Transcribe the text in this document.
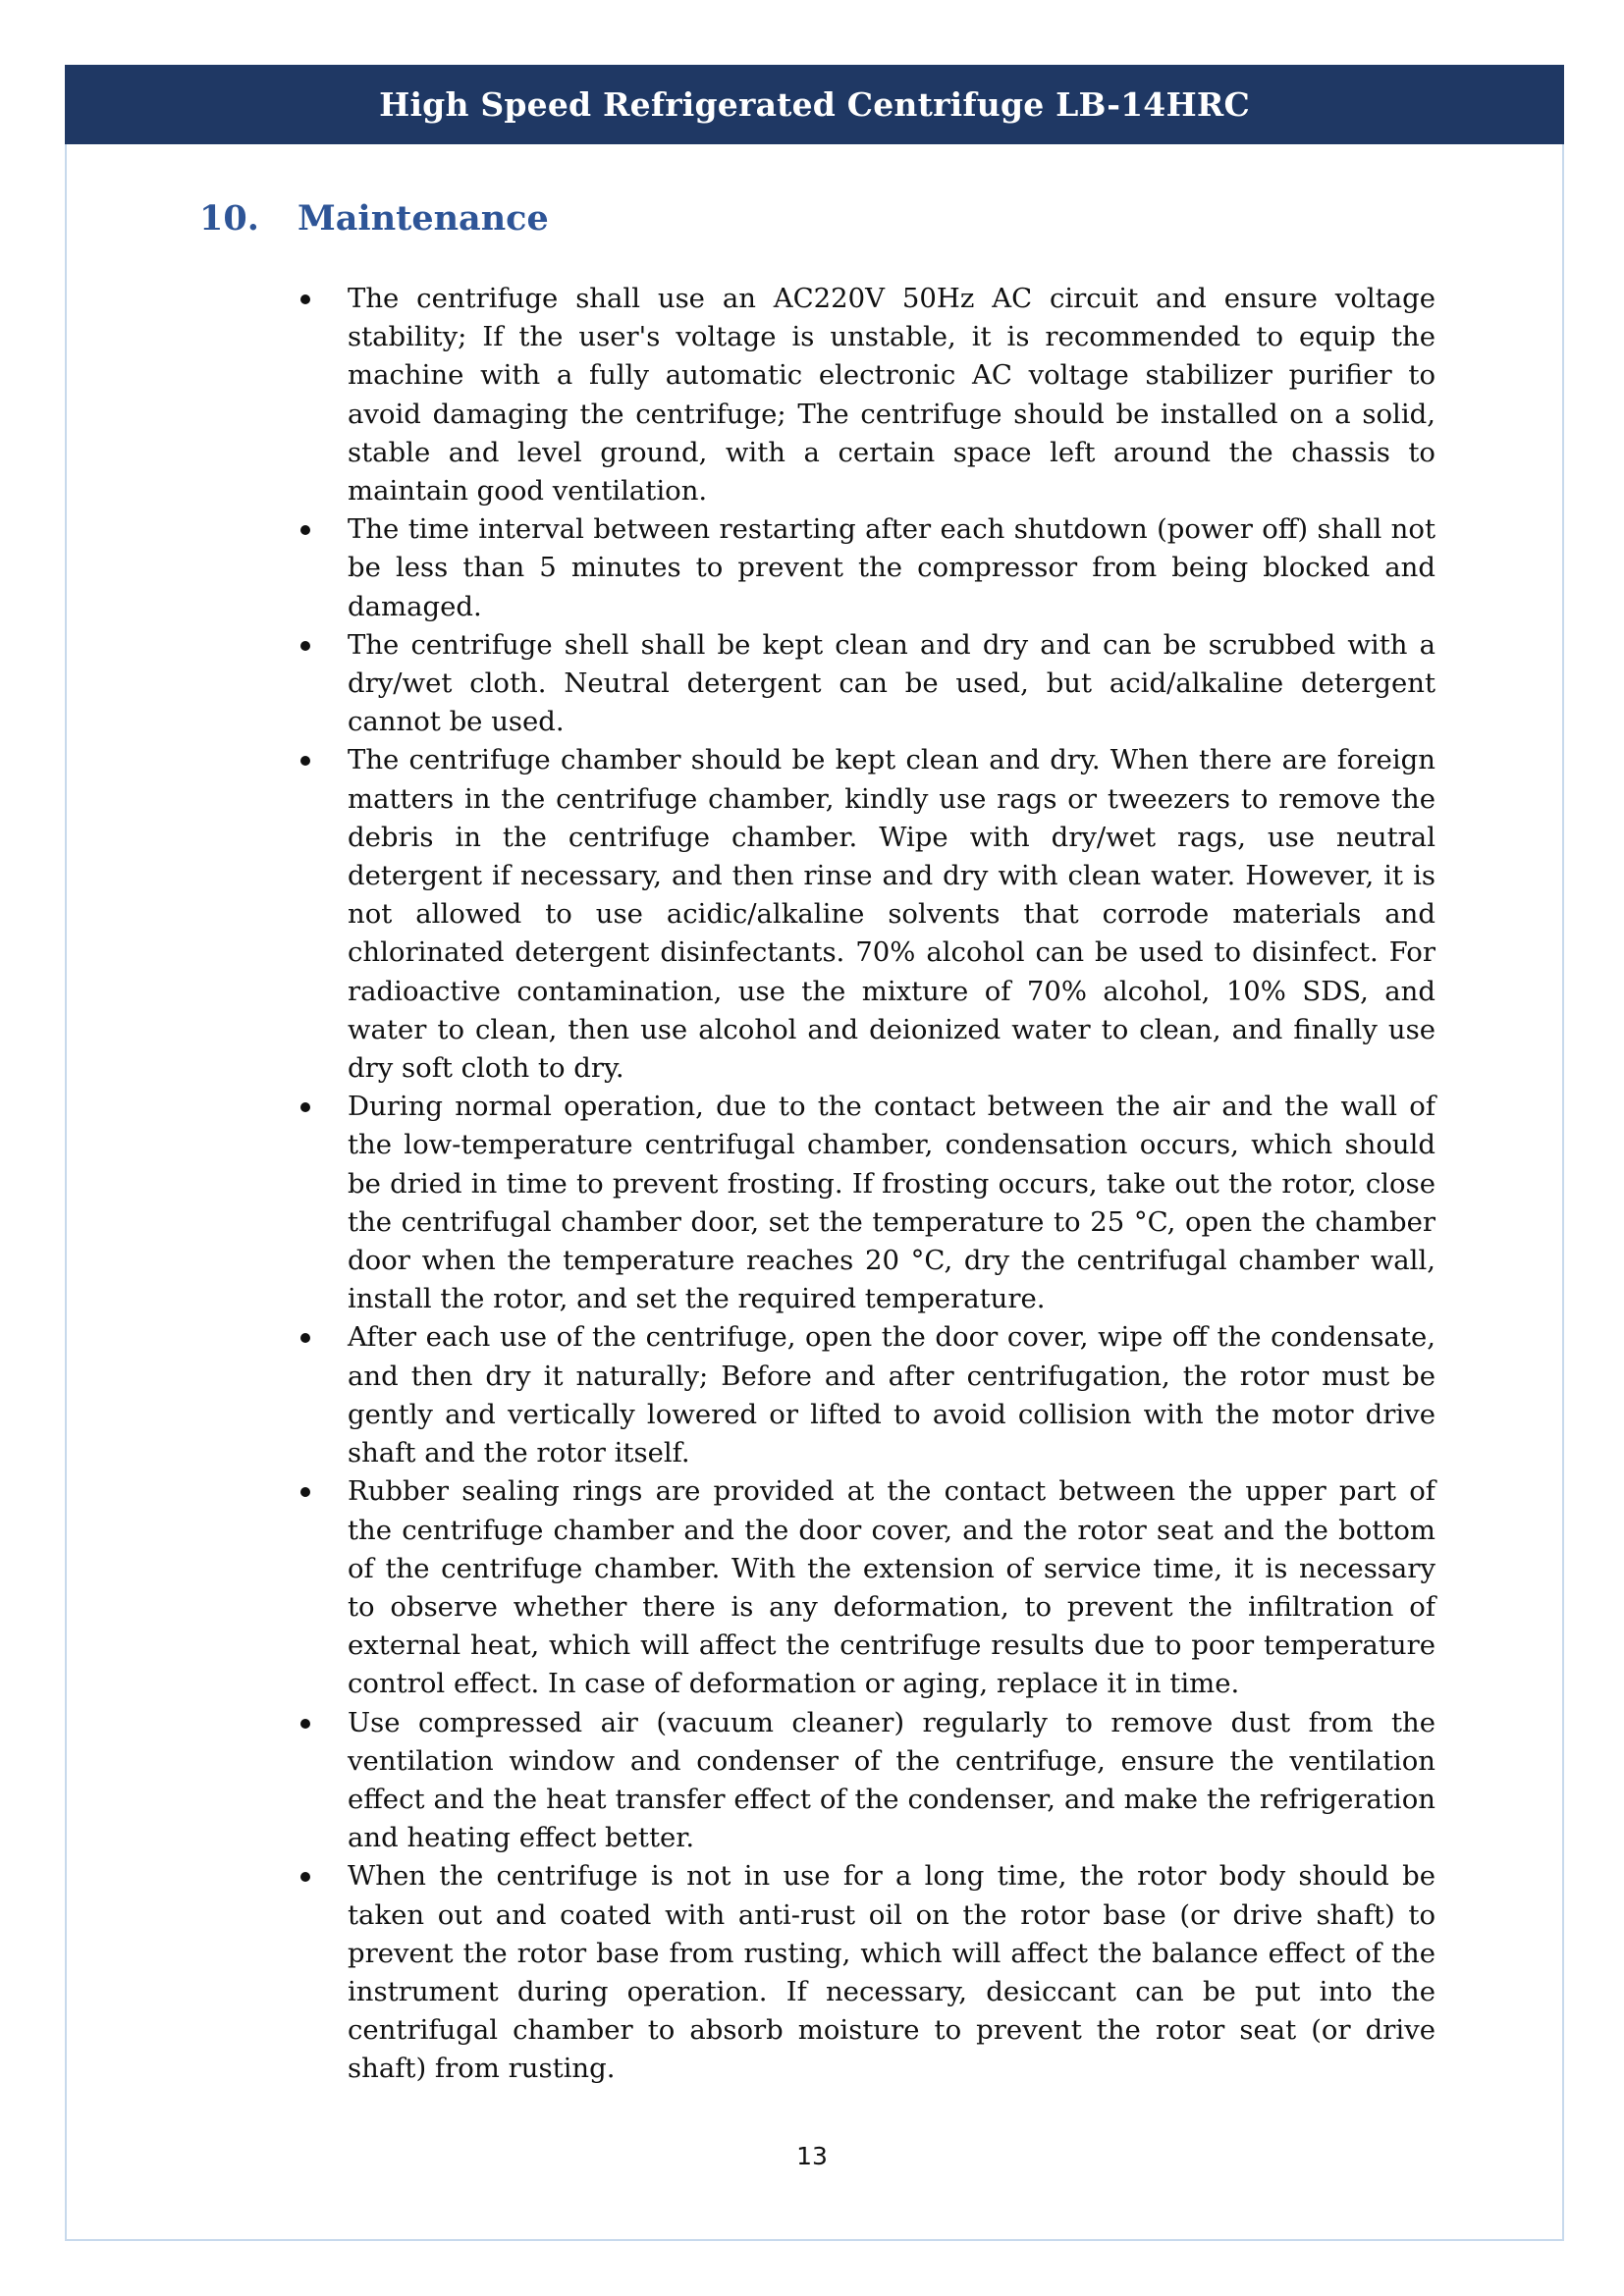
High Speed Refrigerated Centrifuge LB-14HRC
10.	Maintenance
The centrifuge shall use an AC220V 50Hz AC circuit and ensure voltage stability; If the user's voltage is unstable, it is recommended to equip the machine with a fully automatic electronic AC voltage stabilizer purifier to avoid damaging the centrifuge; The centrifuge should be installed on a solid, stable and level ground, with a certain space left around the chassis to maintain good ventilation.
The time interval between restarting after each shutdown (power off) shall not be less than 5 minutes to prevent the compressor from being blocked and damaged.
The centrifuge shell shall be kept clean and dry and can be scrubbed with a dry/wet cloth. Neutral detergent can be used, but acid/alkaline detergent cannot be used.
The centrifuge chamber should be kept clean and dry. When there are foreign matters in the centrifuge chamber, kindly use rags or tweezers to remove the debris in the centrifuge chamber. Wipe with dry/wet rags, use neutral detergent if necessary, and then rinse and dry with clean water. However, it is not allowed to use acidic/alkaline solvents that corrode materials and chlorinated detergent disinfectants. 70% alcohol can be used to disinfect. For radioactive contamination, use the mixture of 70% alcohol, 10% SDS, and water to clean, then use alcohol and deionized water to clean, and finally use dry soft cloth to dry.
During normal operation, due to the contact between the air and the wall of the low-temperature centrifugal chamber, condensation occurs, which should be dried in time to prevent frosting. If frosting occurs, take out the rotor, close the centrifugal chamber door, set the temperature to 25 °C, open the chamber door when the temperature reaches 20 °C, dry the centrifugal chamber wall, install the rotor, and set the required temperature.
After each use of the centrifuge, open the door cover, wipe off the condensate, and then dry it naturally; Before and after centrifugation, the rotor must be gently and vertically lowered or lifted to avoid collision with the motor drive shaft and the rotor itself.
Rubber sealing rings are provided at the contact between the upper part of the centrifuge chamber and the door cover, and the rotor seat and the bottom of the centrifuge chamber. With the extension of service time, it is necessary to observe whether there is any deformation, to prevent the infiltration of external heat, which will affect the centrifuge results due to poor temperature control effect. In case of deformation or aging, replace it in time.
Use compressed air (vacuum cleaner) regularly to remove dust from the ventilation window and condenser of the centrifuge, ensure the ventilation effect and the heat transfer effect of the condenser, and make the refrigeration and heating effect better.
When the centrifuge is not in use for a long time, the rotor body should be taken out and coated with anti-rust oil on the rotor base (or drive shaft) to prevent the rotor base from rusting, which will affect the balance effect of the instrument during operation. If necessary, desiccant can be put into the centrifugal chamber to absorb moisture to prevent the rotor seat (or drive shaft) from rusting.
13
